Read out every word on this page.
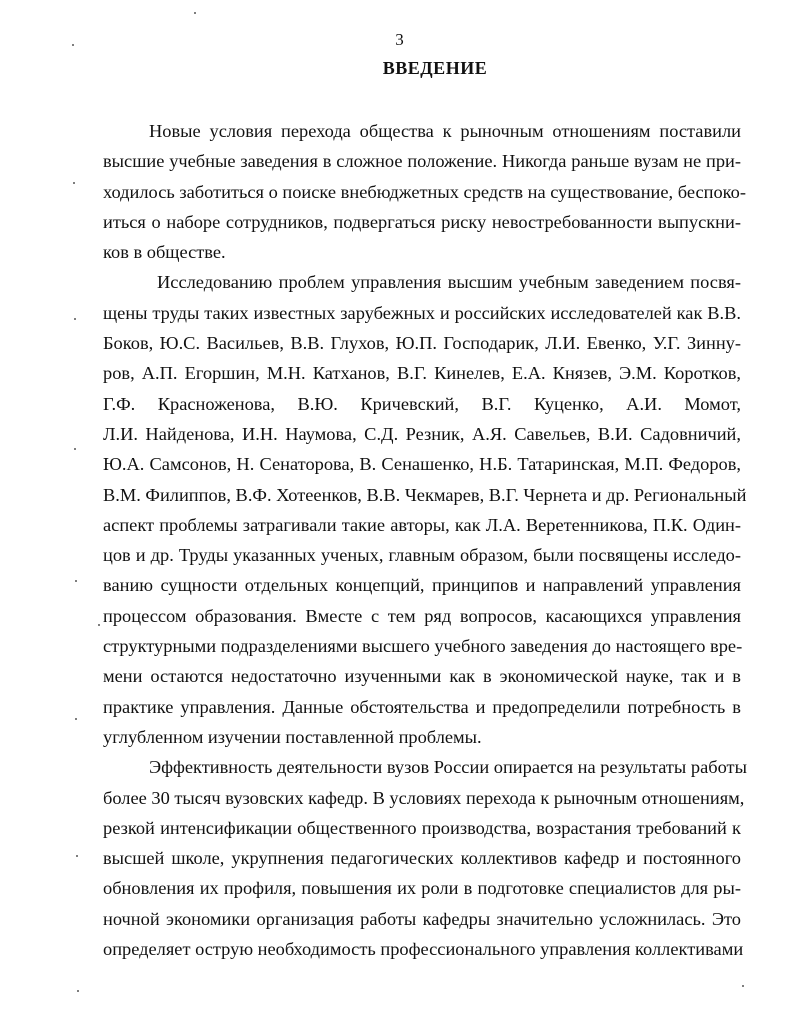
3
ВВЕДЕНИЕ

Новые условия перехода общества к рыночным отношениям поставили
высшие учебные заведения в сложное положение. Никогда раньше вузам не при-
ходилось заботиться о поиске внебюджетных средств на существование, беспоко-
иться о наборе сотрудников, подвергаться риску невостребованности выпускни-
ков в обществе.

Исследованию проблем управления высшим учебным заведением посвя-
щены труды таких известных зарубежных и российских исследователей как В.В.
Боков, Ю.С. Васильев, В.В. Глухов, Ю.П. Господарик, Л.И. Евенко, У.Г. Зинну-
ров, А.П. Егоршин, М.Н. Катханов, В.Г. Кинелев, Е.А. Князев, Э.М. Коротков,
Г.Ф. Красноженова, В.Ю. Кричевский, В.Г. Куценко, А.И. Момот,
Л.И. Найденова, И.Н. Наумова, С.Д. Резник, А.Я. Савельев, В.И. Садовничий,
Ю.А. Самсонов, Н. Сенаторова, В. Сенашенко, Н.Б. Татаринская, М.П. Федоров,
В.М. Филиппов, В.Ф. Хотеенков, В.В. Чекмарев, В.Г. Чернета и др. Региональный
аспект проблемы затрагивали такие авторы, как Л.А. Веретенникова, П.К. Один-
цов и др. Труды указанных ученых, главным образом, были посвящены исследо-
ванию сущности отдельных концепций, принципов и направлений управления
процессом образования. Вместе с тем ряд вопросов, касающихся управления
структурными подразделениями высшего учебного заведения до настоящего вре-
мени остаются недостаточно изученными как в экономической науке, так и в
практике управления. Данные обстоятельства и предопределили потребность в
углубленном изучении поставленной проблемы.

Эффективность деятельности вузов России опирается на результаты работы
более 30 тысяч вузовских кафедр. В условиях перехода к рыночным отношениям,
резкой интенсификации общественного производства, возрастания требований к
высшей школе, укрупнения педагогических коллективов кафедр и постоянного
обновления их профиля, повышения их роли в подготовке специалистов для ры-
ночной экономики организация работы кафедры значительно усложнилась. Это
определяет острую необходимость профессионального управления коллективами
